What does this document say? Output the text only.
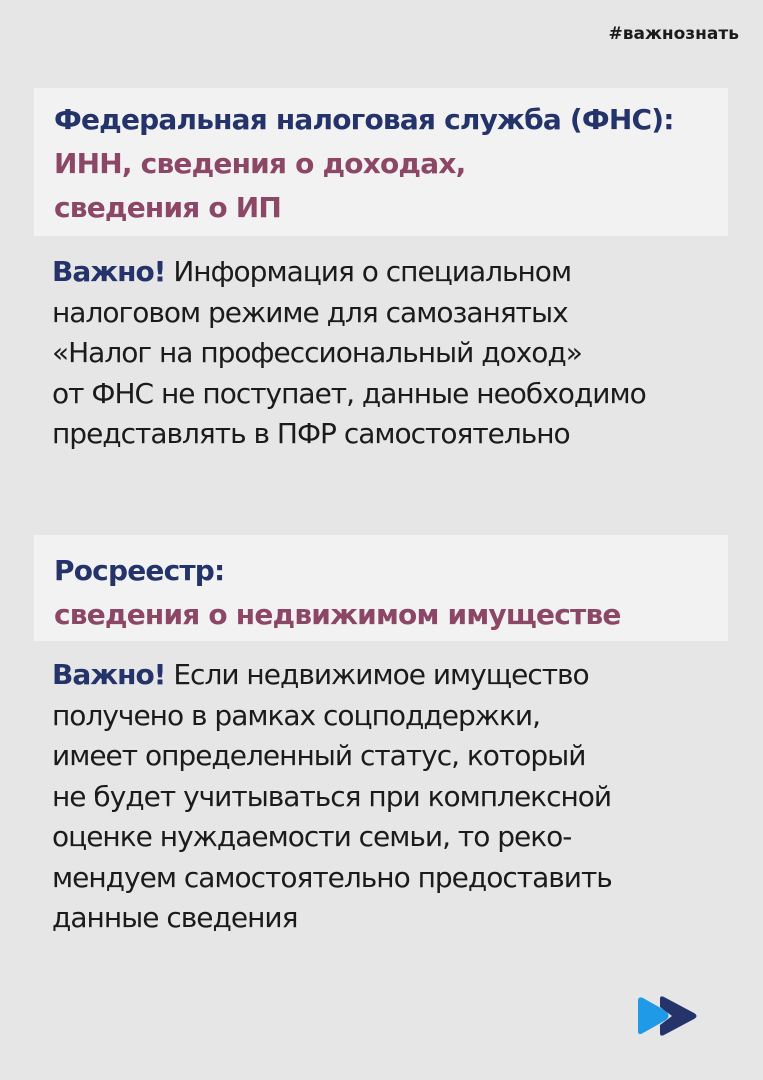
#важнознать
Федеральная налоговая служба (ФНС):
ИНН, сведения о доходах,
сведения о ИП
Важно! Информация о специальном
налоговом режиме для самозанятых
«Налог на профессиональный доход»
от ФНС не поступает, данные необходимо
представлять в ПФР самостоятельно
Росреестр:
сведения о недвижимом имуществе
Важно! Если недвижимое имущество
получено в рамках соцподдержки,
имеет определенный статус, который
не будет учитываться при комплексной
оценке нуждаемости семьи, то реко-
мендуем самостоятельно предоставить
данные сведения
